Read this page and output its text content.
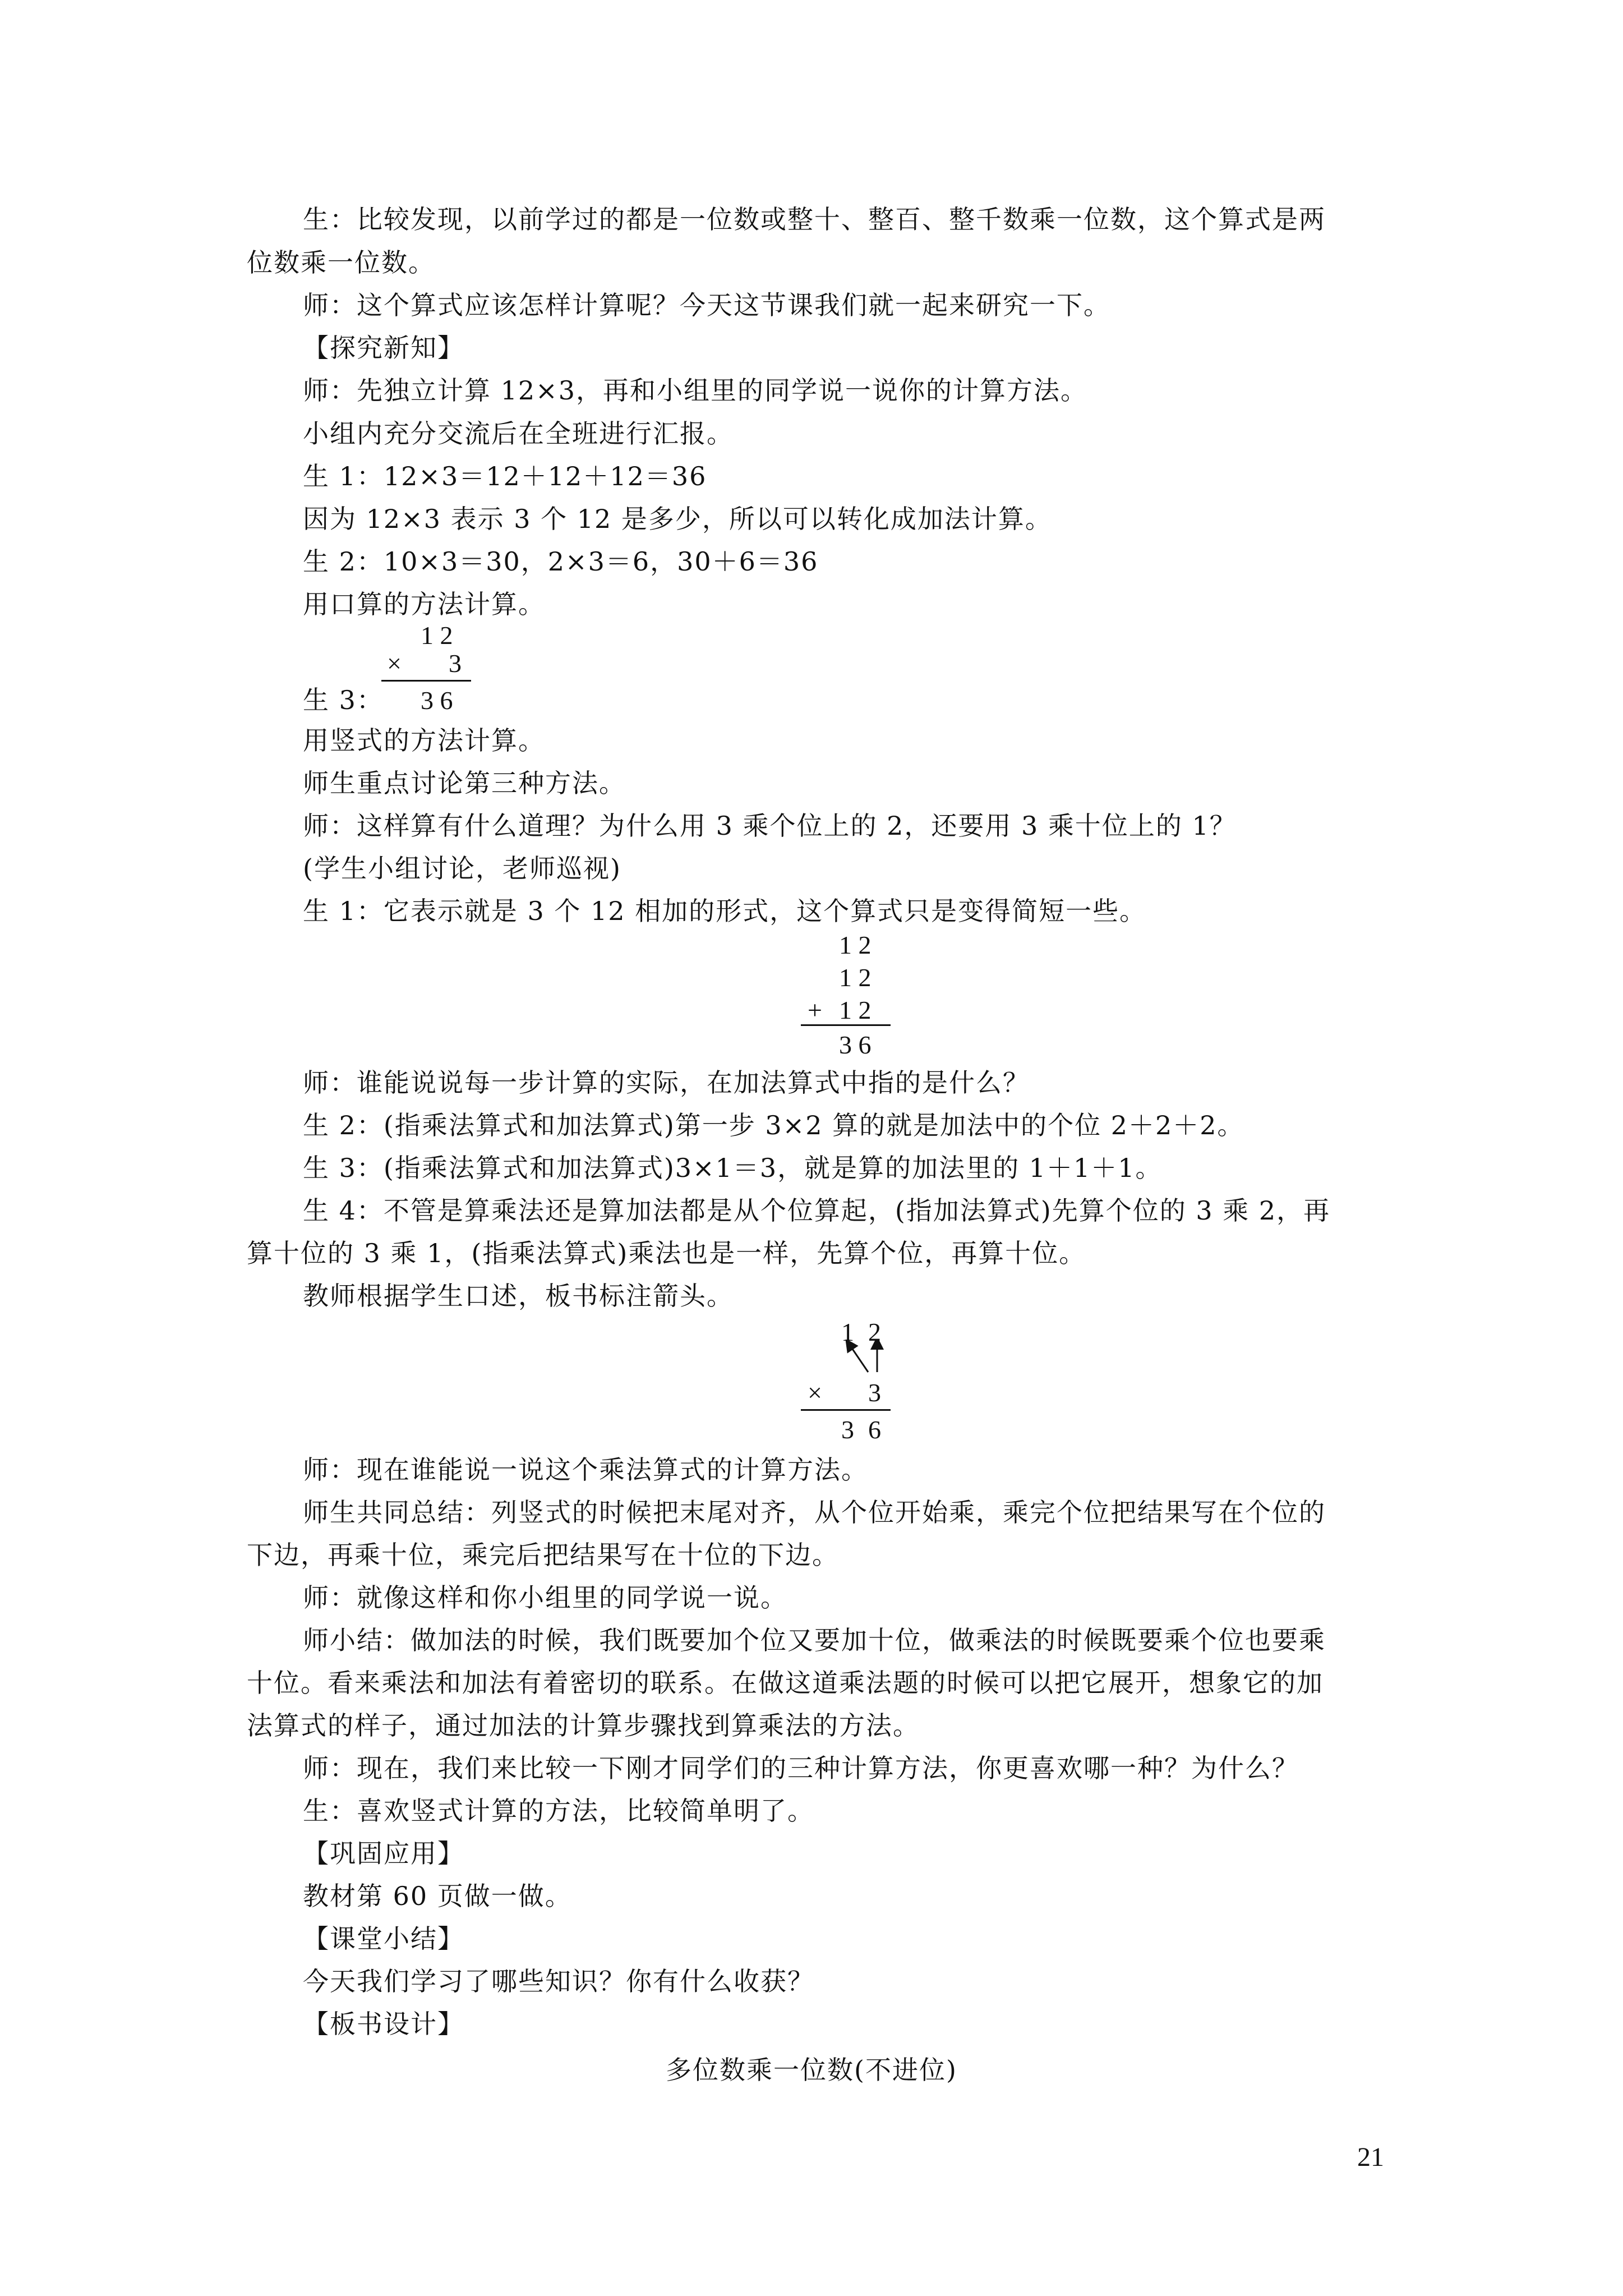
生：比较发现，以前学过的都是一位数或整十、整百、整千数乘一位数，这个算式是两
位数乘一位数。
师：这个算式应该怎样计算呢？今天这节课我们就一起来研究一下。
【探究新知】
师：先独立计算 12×3，再和小组里的同学说一说你的计算方法。
小组内充分交流后在全班进行汇报。
生 1：12×3＝12＋12＋12＝36
因为 12×3 表示 3 个 12 是多少，所以可以转化成加法计算。
生 2：10×3＝30，2×3＝6，30＋6＝36
用口算的方法计算。
1 2
× 3
3 6
生 3：
用竖式的方法计算。
师生重点讨论第三种方法。
师：这样算有什么道理？为什么用 3 乘个位上的 2，还要用 3 乘十位上的 1？
(学生小组讨论，老师巡视)
生 1：它表示就是 3 个 12 相加的形式，这个算式只是变得简短一些。
1 2
1 2
+ 1 2
3 6
师：谁能说说每一步计算的实际，在加法算式中指的是什么？
生 2：(指乘法算式和加法算式)第一步 3×2 算的就是加法中的个位 2＋2＋2。
生 3：(指乘法算式和加法算式)3×1＝3，就是算的加法里的 1＋1＋1。
生 4：不管是算乘法还是算加法都是从个位算起，(指加法算式)先算个位的 3 乘 2，再
算十位的 3 乘 1，(指乘法算式)乘法也是一样，先算个位，再算十位。
教师根据学生口述，板书标注箭头。
1 2
× 3
3 6
师：现在谁能说一说这个乘法算式的计算方法。
师生共同总结：列竖式的时候把末尾对齐，从个位开始乘，乘完个位把结果写在个位的
下边，再乘十位，乘完后把结果写在十位的下边。
师：就像这样和你小组里的同学说一说。
师小结：做加法的时候，我们既要加个位又要加十位，做乘法的时候既要乘个位也要乘
十位。看来乘法和加法有着密切的联系。在做这道乘法题的时候可以把它展开，想象它的加
法算式的样子，通过加法的计算步骤找到算乘法的方法。
师：现在，我们来比较一下刚才同学们的三种计算方法，你更喜欢哪一种？为什么？
生：喜欢竖式计算的方法，比较简单明了。
【巩固应用】
教材第 60 页做一做。
【课堂小结】
今天我们学习了哪些知识？你有什么收获？
【板书设计】
多位数乘一位数(不进位)
21
